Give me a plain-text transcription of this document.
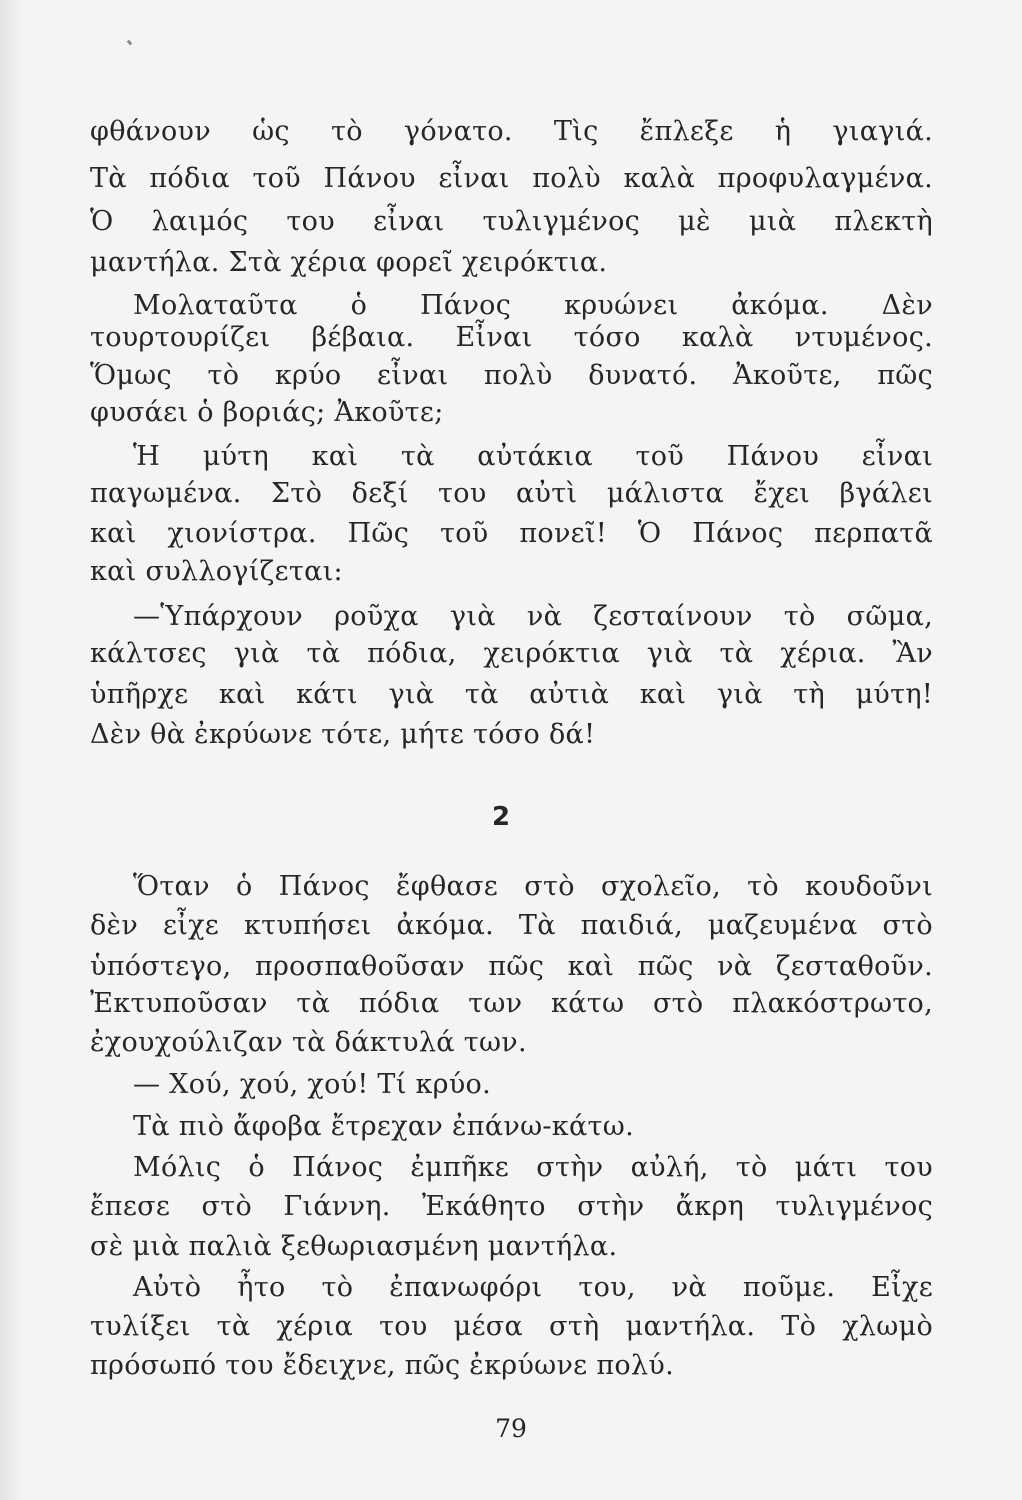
φθάνουν ὡς τὸ γόνατο. Τὶς ἔπλεξε ἡ γιαγιά.
Τὰ πόδια τοῦ Πάνου εἶναι πολὺ καλὰ προφυλαγμένα.
Ὁ λαιμός του εἶναι τυλιγμένος μὲ μιὰ πλεκτὴ
μαντήλα. Στὰ χέρια φορεῖ χειρόκτια.
Μολαταῦτα ὁ Πάνος κρυώνει ἀκόμα. Δὲν
τουρτουρίζει βέβαια. Εἶναι τόσο καλὰ ντυμένος.
Ὅμως τὸ κρύο εἶναι πολὺ δυνατό. Ἀκοῦτε, πῶς
φυσάει ὁ βοριάς; Ἀκοῦτε;
Ἡ μύτη καὶ τὰ αὐτάκια τοῦ Πάνου εἶναι
παγωμένα. Στὸ δεξί του αὐτὶ μάλιστα ἔχει βγάλει
καὶ χιονίστρα. Πῶς τοῦ πονεῖ! Ὁ Πάνος περπατᾶ
καὶ συλλογίζεται:
—Ὑπάρχουν ροῦχα γιὰ νὰ ζεσταίνουν τὸ σῶμα,
κάλτσες γιὰ τὰ πόδια, χειρόκτια γιὰ τὰ χέρια. Ἂν
ὑπῆρχε καὶ κάτι γιὰ τὰ αὐτιὰ καὶ γιὰ τὴ μύτη!
Δὲν θὰ ἐκρύωνε τότε, μήτε τόσο δά!
2
Ὅταν ὁ Πάνος ἔφθασε στὸ σχολεῖο, τὸ κουδοῦνι
δὲν εἶχε κτυπήσει ἀκόμα. Τὰ παιδιά, μαζευμένα στὸ
ὑπόστεγο, προσπαθοῦσαν πῶς καὶ πῶς νὰ ζεσταθοῦν.
Ἐκτυποῦσαν τὰ πόδια των κάτω στὸ πλακόστρωτο,
ἐχουχούλιζαν τὰ δάκτυλά των.
— Χού, χού, χού! Τί κρύο.
Τὰ πιὸ ἄφοβα ἔτρεχαν ἐπάνω-κάτω.
Μόλις ὁ Πάνος ἐμπῆκε στὴν αὐλή, τὸ μάτι του
ἔπεσε στὸ Γιάννη. Ἐκάθητο στὴν ἄκρη τυλιγμένος
σὲ μιὰ παλιὰ ξεθωριασμένη μαντήλα.
Αὐτὸ ἦτο τὸ ἐπανωφόρι του, νὰ ποῦμε. Εἶχε
τυλίξει τὰ χέρια του μέσα στὴ μαντήλα. Τὸ χλωμὸ
πρόσωπό του ἔδειχνε, πῶς ἐκρύωνε πολύ.
79
